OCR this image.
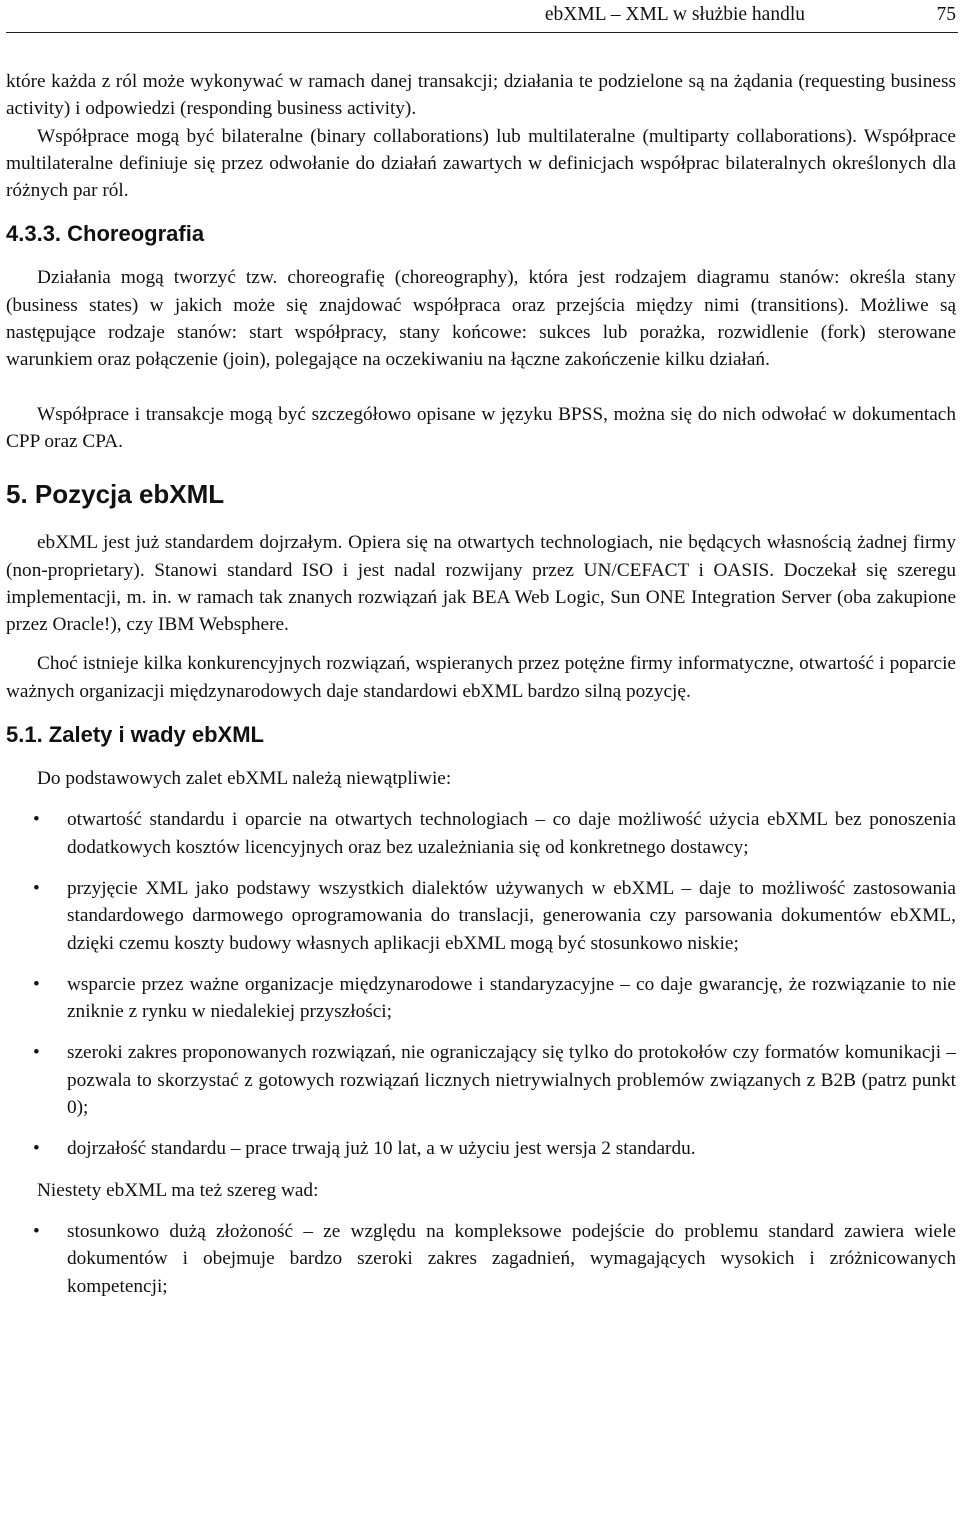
ebXML – XML w służbie handlu	75

które każda z ról może wykonywać w ramach danej transakcji; działania te podzielone są na żądania (requesting business activity) i odpowiedzi (responding business activity).

Współprace mogą być bilateralne (binary collaborations) lub multilateralne (multiparty collaborations). Współprace multilateralne definiuje się przez odwołanie do działań zawartych w definicjach współprac bilateralnych określonych dla różnych par ról.

4.3.3. Choreografia

Działania mogą tworzyć tzw. choreografię (choreography), która jest rodzajem diagramu stanów: określa stany (business states) w jakich może się znajdować współpraca oraz przejścia między nimi (transitions). Możliwe są następujące rodzaje stanów: start współpracy, stany końcowe: sukces lub porażka, rozwidlenie (fork) sterowane warunkiem oraz połączenie (join), polegające na oczekiwaniu na łączne zakończenie kilku działań.

Współprace i transakcje mogą być szczegółowo opisane w języku BPSS, można się do nich odwołać w dokumentach CPP oraz CPA.

5. Pozycja ebXML

ebXML jest już standardem dojrzałym. Opiera się na otwartych technologiach, nie będących własnością żadnej firmy (non-proprietary). Stanowi standard ISO i jest nadal rozwijany przez UN/CEFACT i OASIS. Doczekał się szeregu implementacji, m. in. w ramach tak znanych rozwiązań jak BEA Web Logic, Sun ONE Integration Server (oba zakupione przez Oracle!), czy IBM Websphere.

Choć istnieje kilka konkurencyjnych rozwiązań, wspieranych przez potężne firmy informatyczne, otwartość i poparcie ważnych organizacji międzynarodowych daje standardowi ebXML bardzo silną pozycję.

5.1. Zalety i wady ebXML

Do podstawowych zalet ebXML należą niewątpliwie:

• otwartość standardu i oparcie na otwartych technologiach – co daje możliwość użycia ebXML bez ponoszenia dodatkowych kosztów licencyjnych oraz bez uzależniania się od konkretnego dostawcy;
• przyjęcie XML jako podstawy wszystkich dialektów używanych w ebXML – daje to możliwość zastosowania standardowego darmowego oprogramowania do translacji, generowania czy parsowania dokumentów ebXML, dzięki czemu koszty budowy własnych aplikacji ebXML mogą być stosunkowo niskie;
• wsparcie przez ważne organizacje międzynarodowe i standaryzacyjne – co daje gwarancję, że rozwiązanie to nie zniknie z rynku w niedalekiej przyszłości;
• szeroki zakres proponowanych rozwiązań, nie ograniczający się tylko do protokołów czy formatów komunikacji – pozwala to skorzystać z gotowych rozwiązań licznych nietrywialnych problemów związanych z B2B (patrz punkt 0);
• dojrzałość standardu – prace trwają już 10 lat, a w użyciu jest wersja 2 standardu.

Niestety ebXML ma też szereg wad:

• stosunkowo dużą złożoność – ze względu na kompleksowe podejście do problemu standard zawiera wiele dokumentów i obejmuje bardzo szeroki zakres zagadnień, wymagających wysokich i zróżnicowanych kompetencji;
